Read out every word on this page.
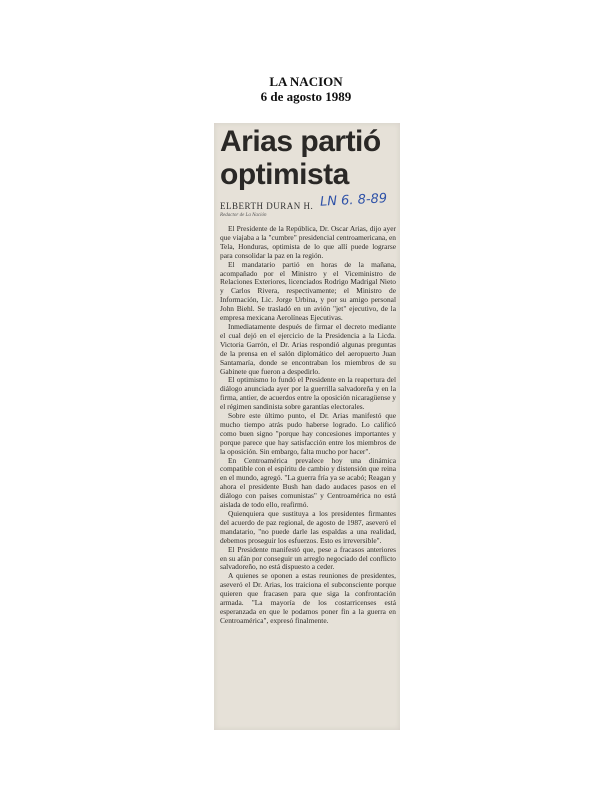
LA NACION
6 de agosto 1989
Arias partió
optimista
ELBERTH DURAN H. LN 6. 8-89
Redactor de La Nación

El Presidente de la República, Dr. Oscar Arias, dijo ayer que viajaba a la "cumbre" presidencial centroamericana, en Tela, Honduras, optimista de lo que allí puede lograrse para consolidar la paz en la región.

El mandatario partió en horas de la mañana, acompañado por el Ministro y el Viceministro de Relaciones Exteriores, licenciados Rodrigo Madrigal Nieto y Carlos Rivera, respectivamente; el Ministro de Información, Lic. Jorge Urbina, y por su amigo personal John Biehl. Se trasladó en un avión "jet" ejecutivo, de la empresa mexicana Aerolíneas Ejecutivas.

Inmediatamente después de firmar el decreto mediante el cual dejó en el ejercicio de la Presidencia a la Licda. Victoria Garrón, el Dr. Arias respondió algunas preguntas de la prensa en el salón diplomático del aeropuerto Juan Santamaría, donde se encontraban los miembros de su Gabinete que fueron a despedirlo.

El optimismo lo fundó el Presidente en la reapertura del diálogo anunciada ayer por la guerrilla salvadoreña y en la firma, antier, de acuerdos entre la oposición nicaragüense y el régimen sandinista sobre garantías electorales.

Sobre este último punto, el Dr. Arias manifestó que mucho tiempo atrás pudo haberse logrado. Lo calificó como buen signo "porque hay concesiones importantes y porque parece que hay satisfacción entre los miembros de la oposición. Sin embargo, falta mucho por hacer".

En Centroamérica prevalece hoy una dinámica compatible con el espíritu de cambio y distensión que reina en el mundo, agregó. "La guerra fría ya se acabó; Reagan y ahora el presidente Bush han dado audaces pasos en el diálogo con países comunistas" y Centroamérica no está aislada de todo ello, reafirmó.

Quienquiera que sustituya a los presidentes firmantes del acuerdo de paz regional, de agosto de 1987, aseveró el mandatario, "no puede darle las espaldas a una realidad, debemos proseguir los esfuerzos. Esto es irreversible".

El Presidente manifestó que, pese a fracasos anteriores en su afán por conseguir un arreglo negociado del conflicto salvadoreño, no está dispuesto a ceder.

A quienes se oponen a estas reuniones de presidentes, aseveró el Dr. Arias, los traiciona el subconsciente porque quieren que fracasen para que siga la confrontación armada. "La mayoría de los costarricenses está esperanzada en que le podamos poner fin a la guerra en Centroamérica", expresó finalmente.
